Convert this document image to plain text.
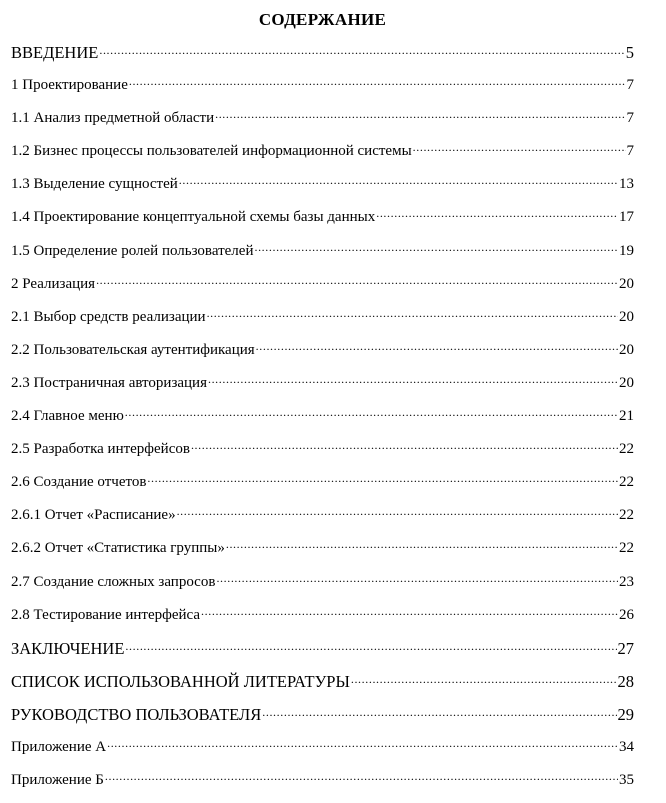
СОДЕРЖАНИЕ
ВВЕДЕНИЕ .....	5
1 Проектирование .....	7
1.1 Анализ предметной области .....	7
1.2 Бизнес процессы пользователей информационной системы .....	7
1.3 Выделение сущностей .....	13
1.4 Проектирование концептуальной схемы базы данных .....	17
1.5 Определение ролей пользователей .....	19
2 Реализация .....	20
2.1 Выбор средств реализации .....	20
2.2 Пользовательская аутентификация .....	20
2.3 Постраничная авторизация .....	20
2.4 Главное меню .....	21
2.5 Разработка интерфейсов .....	22
2.6 Создание отчетов .....	22
2.6.1 Отчет «Расписание» .....	22
2.6.2 Отчет «Статистика группы» .....	22
2.7 Создание сложных запросов .....	23
2.8 Тестирование интерфейса .....	26
ЗАКЛЮЧЕНИЕ .....	27
СПИСОК ИСПОЛЬЗОВАННОЙ ЛИТЕРАТУРЫ .....	28
РУКОВОДСТВО ПОЛЬЗОВАТЕЛЯ .....	29
Приложение А .....	34
Приложение Б .....	35
